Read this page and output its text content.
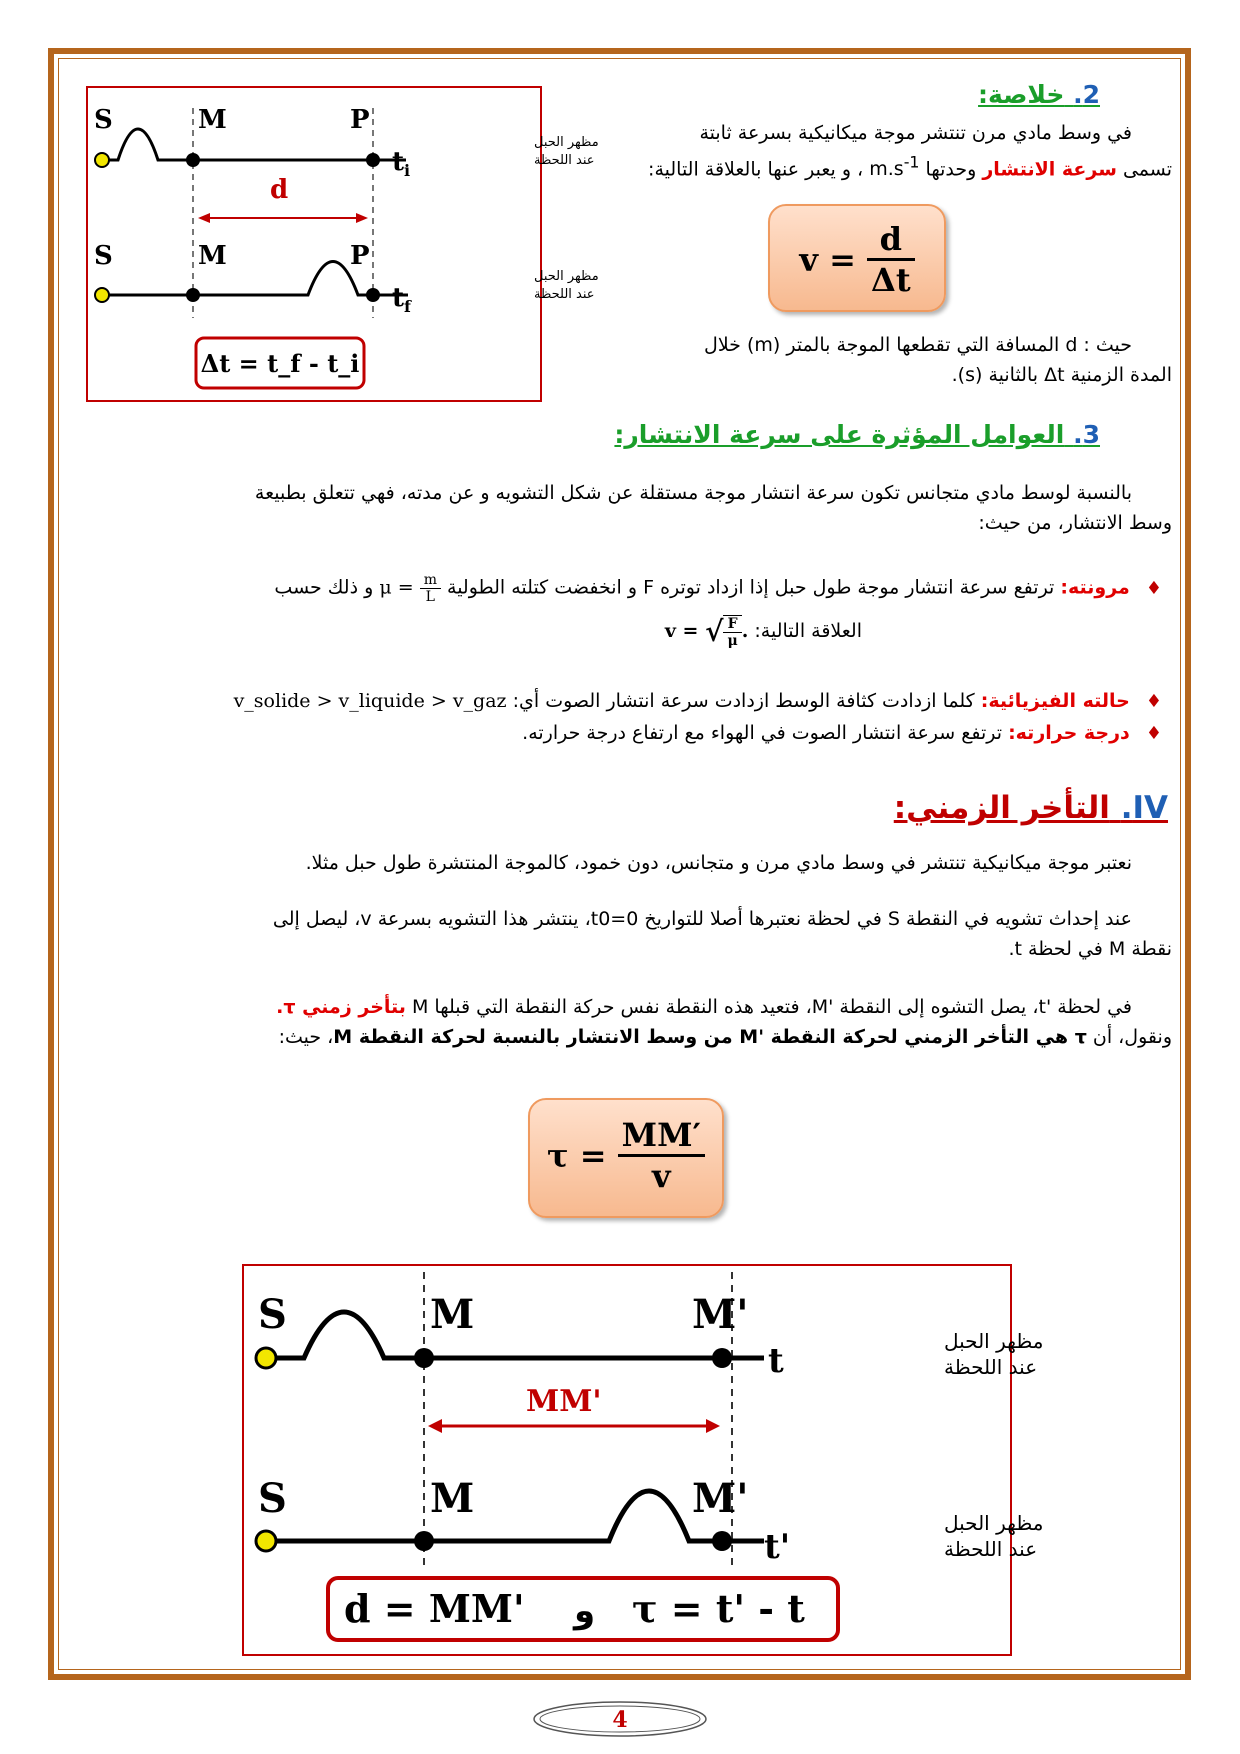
2. خلاصة:
في وسط مادي مرن تنتشر موجة ميكانيكية بسرعة ثابتة
تسمى سرعة الانتشار وحدتها $m.s^{-1}$ ، و يعبر عنها بالعلاقة التالية:
$v = \frac{d}{\Delta t}$
حيث : d المسافة التي تقطعها الموجة بالمتر (m) خلال
المدة الزمنية Δt بالثانية (s).
S	M	P
d
S	M	P
$t_i$
$t_f$
مظهر الحبل
عند اللحظة
مظهر الحبل
عند اللحظة
Δt = t_f - t_i
3. العوامل المؤثرة على سرعة الانتشار:
بالنسبة لوسط مادي متجانس تكون سرعة انتشار موجة مستقلة عن شكل التشويه و عن مدته، فهي تتعلق بطبيعة
وسط الانتشار، من حيث:
♦ مرونته: ترتفع سرعة انتشار موجة طول حبل إذا ازداد توتره F و انخفضت كتلته الطولية $\mu = \frac{m}{L}$
و ذلك حسب
العلاقة التالية: v = √ $\frac{F}{\mu}$ .
♦ حالته الفيزيائية: كلما ازدادت كثافة الوسط ازدادت سرعة انتشار الصوت أي: v_solide > v_liquide > v_gaz
♦ درجة حرارته: ترتفع سرعة انتشار الصوت في الهواء مع ارتفاع درجة حرارته.
IV. التأخر الزمني:
نعتبر موجة ميكانيكية تنتشر في وسط مادي مرن و متجانس، دون خمود، كالموجة المنتشرة طول حبل مثلا.
عند إحداث تشويه في النقطة S في لحظة نعتبرها أصلا للتواريخ t0=0، ينتشر هذا التشويه بسرعة v، ليصل إلى
نقطة M في لحظة t.
في لحظة 't، يصل التشوه إلى النقطة 'M، فتعيد هذه النقطة نفس حركة النقطة التي قبلها M بتأخر زمني τ.
ونقول، أن τ هي التأخر الزمني لحركة النقطة 'M من وسط الانتشار بالنسبة لحركة النقطة M، حيث:
$\tau = \frac{MM'}{v}$
S	M	M'
MM'
S	M	M'
t
t'
مظهر الحبل
عند اللحظة
مظهر الحبل
عند اللحظة
d = MM' و τ = t' - t
4
